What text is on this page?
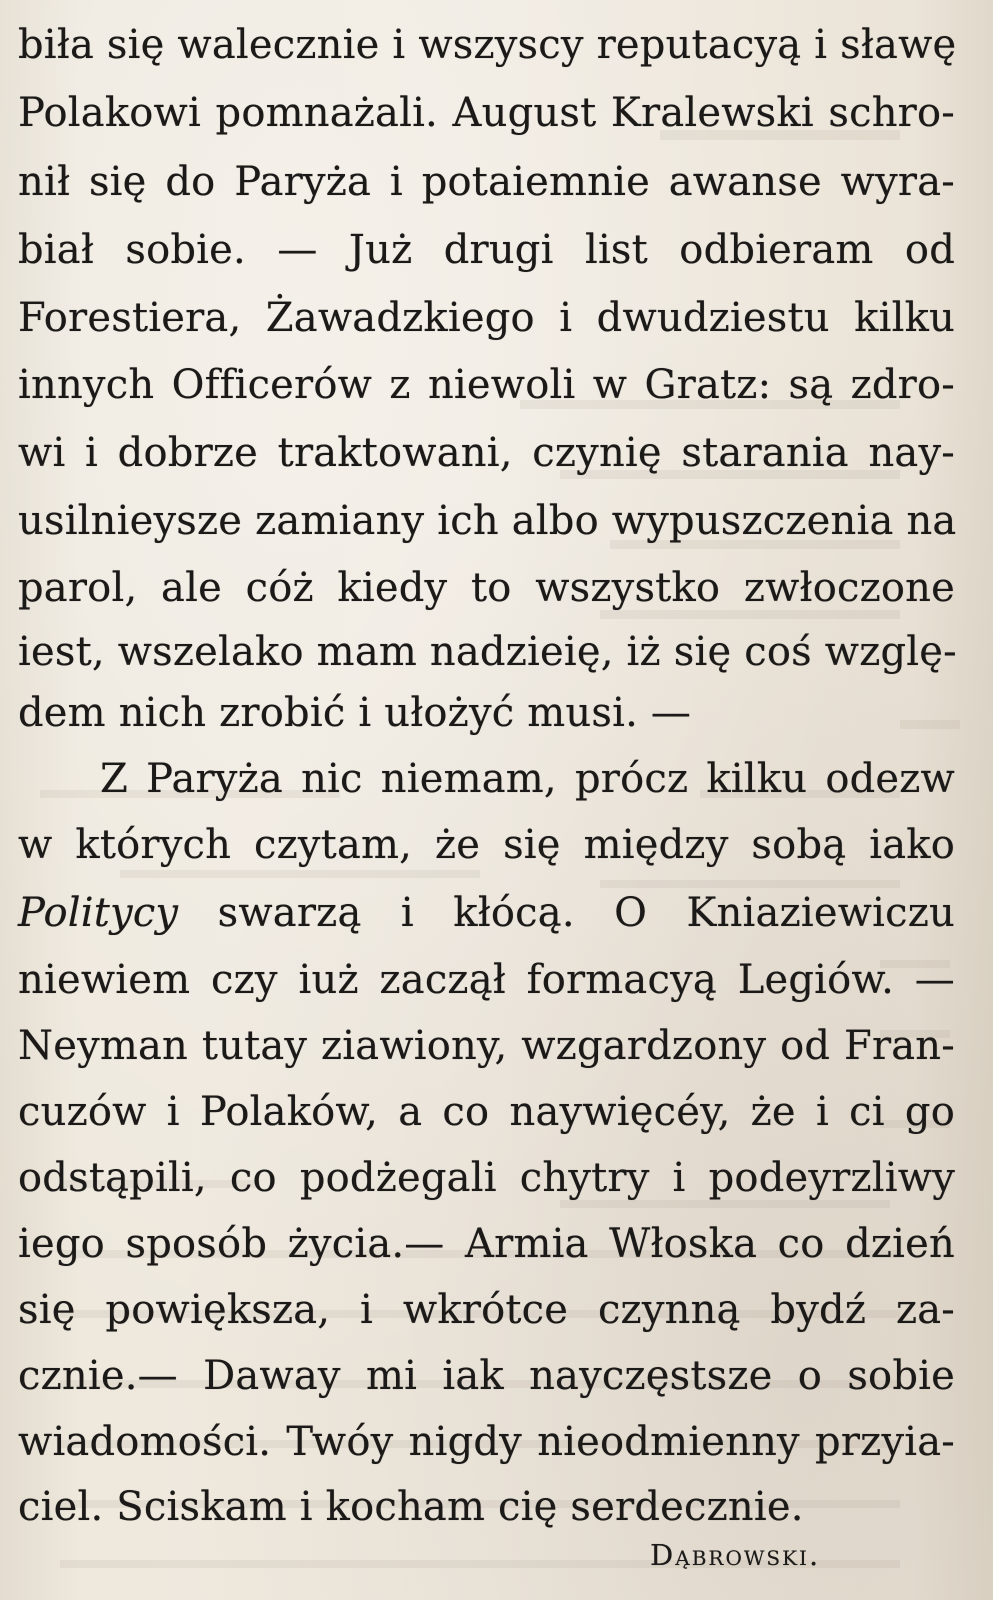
biła się walecznie i wszyscy reputacyą i sławę
Polakowi pomnażali. August Kralewski schro-
nił się do Paryża i potaiemnie awanse wyra-
biał sobie. — Już drugi list odbieram od
Forestiera, Żawadzkiego i dwudziestu kilku
innych Officerów z niewoli w Gratz: są zdro-
wi i dobrze traktowani, czynię starania nay-
usilnieysze zamiany ich albo wypuszczenia na
parol, ale cóż kiedy to wszystko zwłoczone
iest, wszelako mam nadzieię, iż się coś wzglę-
dem nich zrobić i ułożyć musi. —
Z Paryża nic niemam, prócz kilku odezw
w których czytam, że się między sobą iako
Politycy swarzą i kłócą. O Kniaziewiczu
niewiem czy iuż zaczął formacyą Legiów. —
Neyman tutay ziawiony, wzgardzony od Fran-
cuzów i Polaków, a co naywięcéy, że i ci go
odstąpili, co podżegali chytry i podeyrzliwy
iego sposób życia.— Armia Włoska co dzień
się powiększa, i wkrótce czynną bydź za-
cznie.— Daway mi iak nayczęstsze o sobie
wiadomości. Twóy nigdy nieodmienny przyia-
ciel. Sciskam i kocham cię serdecznie.
Dąbrowski.
